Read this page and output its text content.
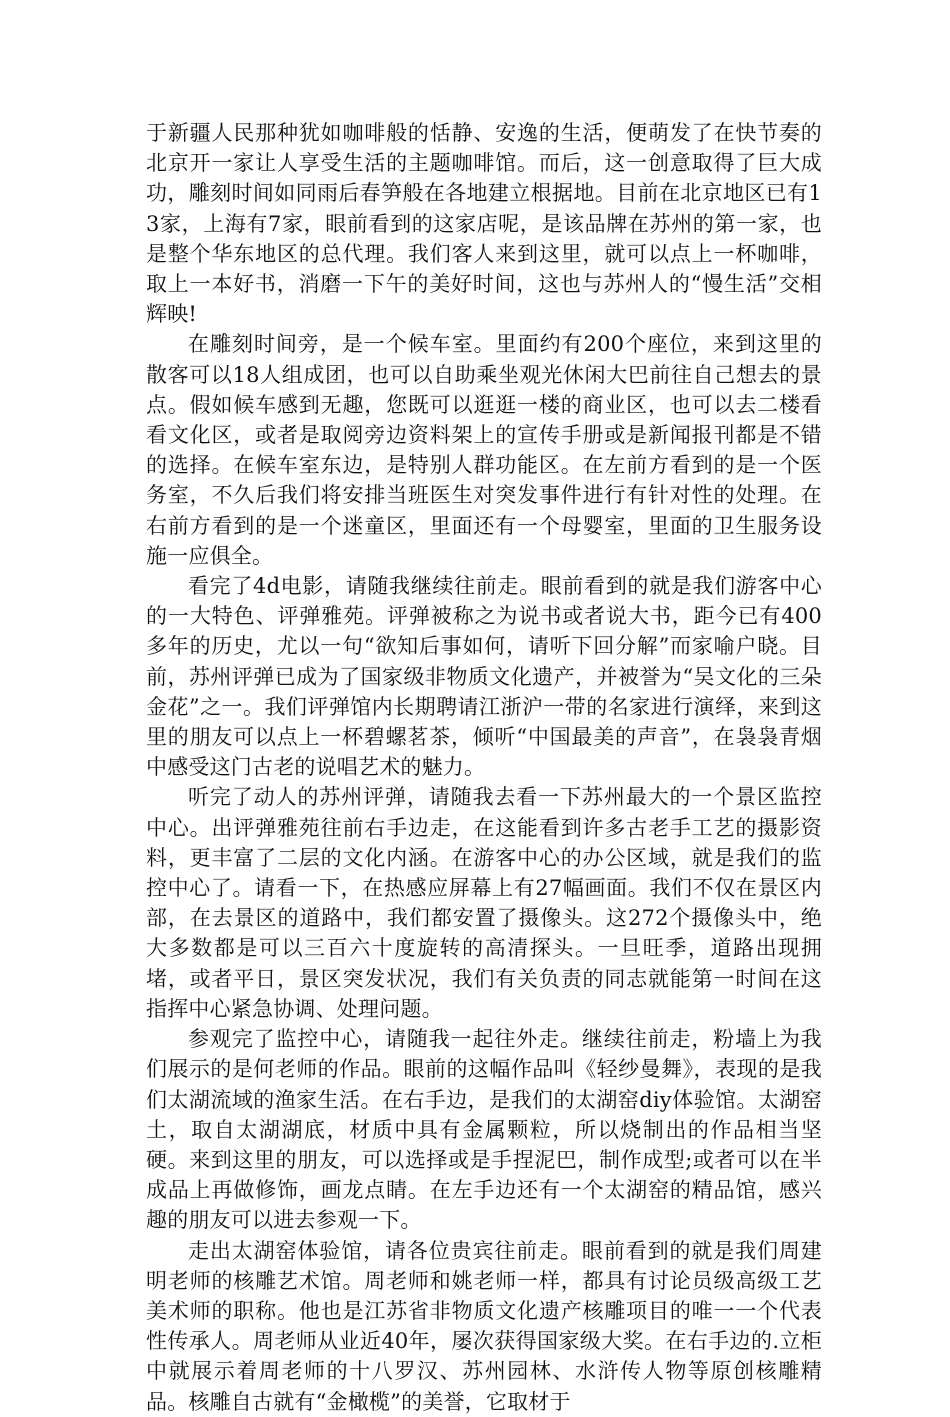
于新疆人民那种犹如咖啡般的恬静、安逸的生活，便萌发了在快节奏的北京开一家让人享受生活的主题咖啡馆。而后，这一创意取得了巨大成功，雕刻时间如同雨后春笋般在各地建立根据地。目前在北京地区已有13家，上海有7家，眼前看到的这家店呢，是该品牌在苏州的第一家，也是整个华东地区的总代理。我们客人来到这里，就可以点上一杯咖啡，取上一本好书，消磨一下午的美好时间，这也与苏州人的“慢生活”交相辉映!

在雕刻时间旁，是一个候车室。里面约有200个座位，来到这里的散客可以18人组成团，也可以自助乘坐观光休闲大巴前往自己想去的景点。假如候车感到无趣，您既可以逛逛一楼的商业区，也可以去二楼看看文化区，或者是取阅旁边资料架上的宣传手册或是新闻报刊都是不错的选择。在候车室东边，是特别人群功能区。在左前方看到的是一个医务室，不久后我们将安排当班医生对突发事件进行有针对性的处理。在右前方看到的是一个迷童区，里面还有一个母婴室，里面的卫生服务设施一应俱全。

看完了4d电影，请随我继续往前走。眼前看到的就是我们游客中心的一大特色、评弹雅苑。评弹被称之为说书或者说大书，距今已有400多年的历史，尤以一句“欲知后事如何，请听下回分解”而家喻户晓。目前，苏州评弹已成为了国家级非物质文化遗产，并被誉为“吴文化的三朵金花”之一。我们评弹馆内长期聘请江浙沪一带的名家进行演绎，来到这里的朋友可以点上一杯碧螺茗茶，倾听“中国最美的声音”，在袅袅青烟中感受这门古老的说唱艺术的魅力。

听完了动人的苏州评弹，请随我去看一下苏州最大的一个景区监控中心。出评弹雅苑往前右手边走，在这能看到许多古老手工艺的摄影资料，更丰富了二层的文化内涵。在游客中心的办公区域，就是我们的监控中心了。请看一下，在热感应屏幕上有27幅画面。我们不仅在景区内部，在去景区的道路中，我们都安置了摄像头。这272个摄像头中，绝大多数都是可以三百六十度旋转的高清探头。一旦旺季，道路出现拥堵，或者平日，景区突发状况，我们有关负责的同志就能第一时间在这指挥中心紧急协调、处理问题。

参观完了监控中心，请随我一起往外走。继续往前走，粉墙上为我们展示的是何老师的作品。眼前的这幅作品叫《轻纱曼舞》，表现的是我们太湖流域的渔家生活。在右手边，是我们的太湖窑diy体验馆。太湖窑土，取自太湖湖底，材质中具有金属颗粒，所以烧制出的作品相当坚硬。来到这里的朋友，可以选择或是手捏泥巴，制作成型;或者可以在半成品上再做修饰，画龙点睛。在左手边还有一个太湖窑的精品馆，感兴趣的朋友可以进去参观一下。

走出太湖窑体验馆，请各位贵宾往前走。眼前看到的就是我们周建明老师的核雕艺术馆。周老师和姚老师一样，都具有讨论员级高级工艺美术师的职称。他也是江苏省非物质文化遗产核雕项目的唯一一个代表性传承人。周老师从业近40年，屡次获得国家级大奖。在右手边的.立柜中就展示着周老师的十八罗汉、苏州园林、水浒传人物等原创核雕精品。核雕自古就有“金橄榄”的美誉，它取材于
